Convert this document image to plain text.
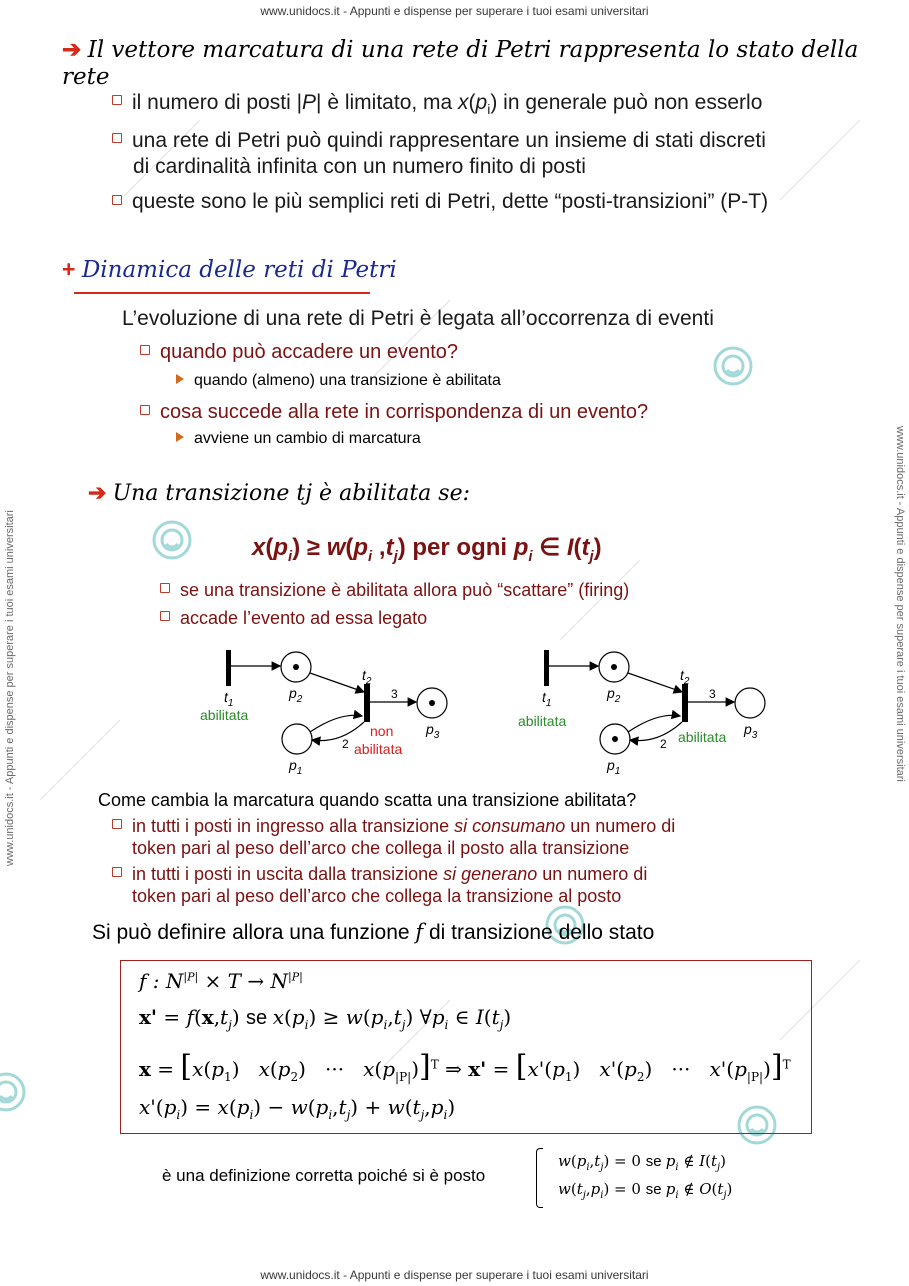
www.unidocs.it - Appunti e dispense per superare i tuoi esami universitari
www.unidocs.it - Appunti e dispense per superare i tuoi esami universitari
www.unidocs.it - Appunti e dispense per superare i tuoi esami universitari	www.unidocs.it - Appunti e dispense per superare i tuoi esami universitari
➔ Il vettore marcatura di una rete di Petri rappresenta lo stato della rete
il numero di posti |P| è limitato, ma $x(p_i)$ in generale può non esserlo
una rete di Petri può quindi rappresentare un insieme di stati discreti
di cardinalità infinita con un numero finito di posti
queste sono le più semplici reti di Petri, dette “posti-transizioni” (P-T)
+ Dinamica delle reti di Petri
L’evoluzione di una rete di Petri è legata all’occorrenza di eventi
quando può accadere un evento?
quando (almeno) una transizione è abilitata
cosa succede alla rete in corrispondenza di un evento?
avviene un cambio di marcatura
➔ Una transizione tj è abilitata se:
$x(p_i) \ge w(p_i$ $,t_j$) per ogni $p_i$ ∈ $I(t_j)$
se una transizione è abilitata allora può “scattare” (firing)
accade l’evento ad essa legato
$t_1$
abilitata
$p_2$
$t_2$
3
$p_3$
2
$p_1$
non
abilitata
$t_1$
abilitata
$p_2$
$t_2$
3
$p_3$
2
$p_1$
abilitata
Come cambia la marcatura quando scatta una transizione abilitata?
in tutti i posti in ingresso alla transizione si consumano un numero di
token pari al peso dell’arco che collega il posto alla transizione
in tutti i posti in uscita dalla transizione si generano un numero di
token pari al peso dell’arco che collega la transizione al posto
Si può definire allora una funzione f di transizione dello stato
f : $N^{|P|} \times T \to N^{|P|}$
$x' = f(x,t_j)$ se $x(p_i) \ge w(p_i,t_j)$ $\forall p_i$ ∈ $I(t_j)$
$x = [x(p_1)$   $x(p_2)$   ···   $x(p_{|P|})]^T$ ⇒ $x' = [x'(p_1)$   $x'(p_2)$   ···   $x'(p_{|P|})]^T$
$x'(p_i) = x(p_i) - w(p_i,t_j) + w(t_j,p_i)$
è una definizione corretta poiché si è posto
$w(p_i,t_j) = 0$ se $p_i$ ∉ $I(t_j)$
$w(t_j,p_i) = 0$ se $p_i$ ∉ $O(t_j)$
